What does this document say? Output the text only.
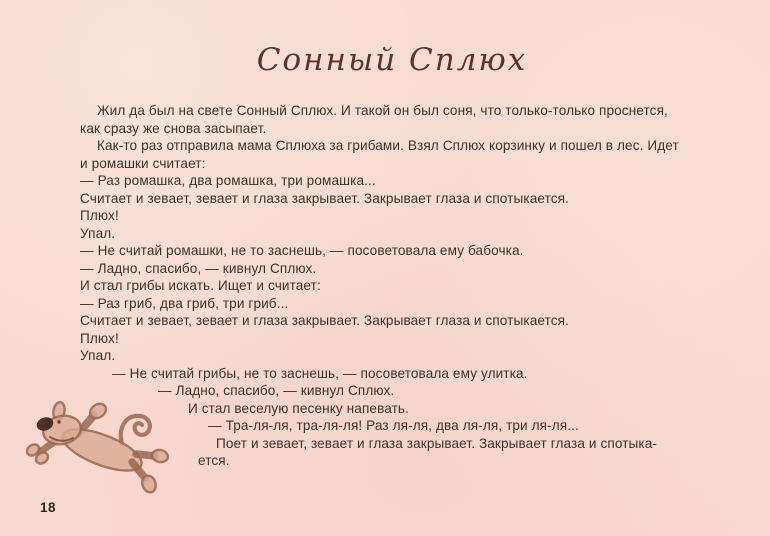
Сонный Сплюх
Жил да был на свете Сонный Сплюх. И такой он был соня, что только-только проснется,
как сразу же снова засыпает.
Как-то раз отправила мама Сплюха за грибами. Взял Сплюх корзинку и пошел в лес. Идет
и ромашки считает:
— Раз ромашка, два ромашка, три ромашка...
Считает и зевает, зевает и глаза закрывает. Закрывает глаза и спотыкается.
Плюх!
Упал.
— Не считай ромашки, не то заснешь, — посоветовала ему бабочка.
— Ладно, спасибо, — кивнул Сплюх.
И стал грибы искать. Ищет и считает:
— Раз гриб, два гриб, три гриб...
Считает и зевает, зевает и глаза закрывает. Закрывает глаза и спотыкается.
Плюх!
Упал.
— Не считай грибы, не то заснешь, — посоветовала ему улитка.
— Ладно, спасибо, — кивнул Сплюх.
И стал веселую песенку напевать.
— Тра-ля-ля, тра-ля-ля! Раз ля-ля, два ля-ля, три ля-ля...
Поет и зевает, зевает и глаза закрывает. Закрывает глаза и спотыка-
ется.
18
